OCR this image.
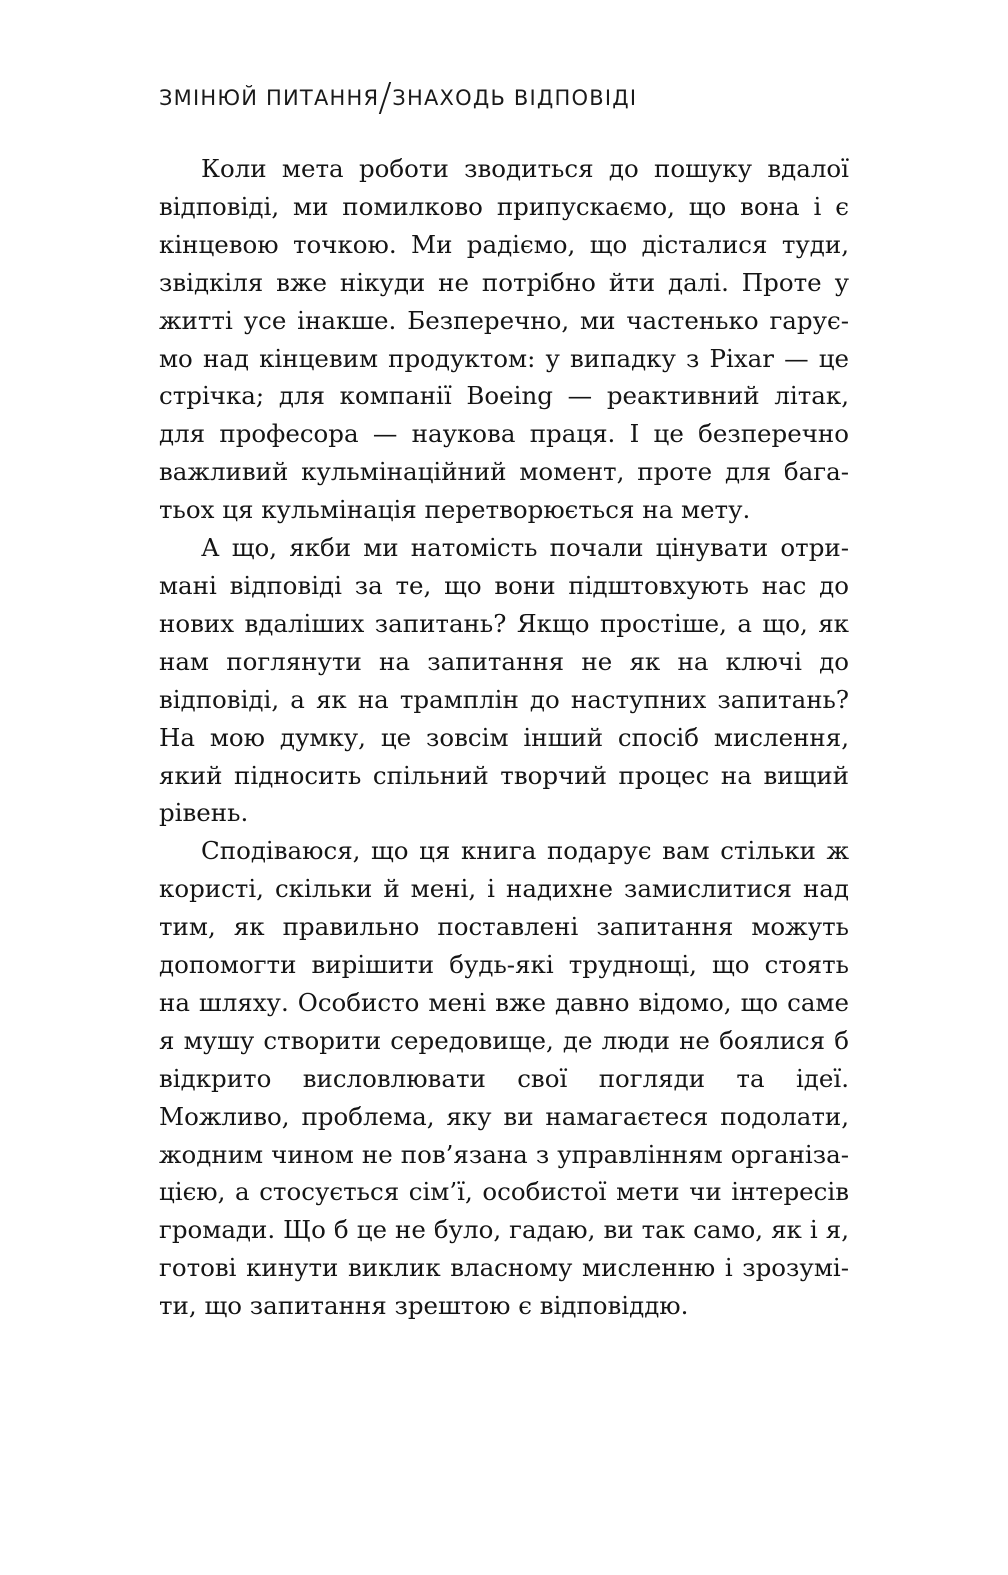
ЗМІНЮЙ ПИТАННЯ ЗНАХОДЬ ВІДПОВІДІ

Коли мета роботи зводиться до пошуку вдалої відповіді, ми помилково припускаємо, що вона і є кінцевою точкою. Ми радіємо, що дісталися туди, звідкіля вже нікуди не потрібно йти далі. Проте у житті усе інакше. Безперечно, ми частенько гаруємо над кінцевим продуктом: у випадку з Pixar — це стрічка; для компанії Boeing — реактивний літак, для професора — наукова праця. І це безперечно важливий кульмінаційний момент, проте для багатьох ця кульмінація перетворюється на мету.

А що, якби ми натомість почали цінувати отримані відповіді за те, що вони підштовхують нас до нових вдаліших запитань? Якщо простіше, а що, як нам поглянути на запитання не як на ключі до відповіді, а як на трамплін до наступних запитань? На мою думку, це зовсім інший спосіб мислення, який підносить спільний творчий процес на вищий рівень.

Сподіваюся, що ця книга подарує вам стільки ж користі, скільки й мені, і надихне замислитися над тим, як правильно поставлені запитання можуть допомогти вирішити будь-які труднощі, що стоять на шляху. Особисто мені вже давно відомо, що саме я мушу створити середовище, де люди не боялися б відкрито висловлювати свої погляди та ідеї. Можливо, проблема, яку ви намагаєтеся подолати, жодним чином не пов’язана з управлінням організацією, а стосується сім’ї, особистої мети чи інтересів громади. Що б це не було, гадаю, ви так само, як і я, готові кинути виклик власному мисленню і зрозуміти, що запитання зрештою є відповіддю.
